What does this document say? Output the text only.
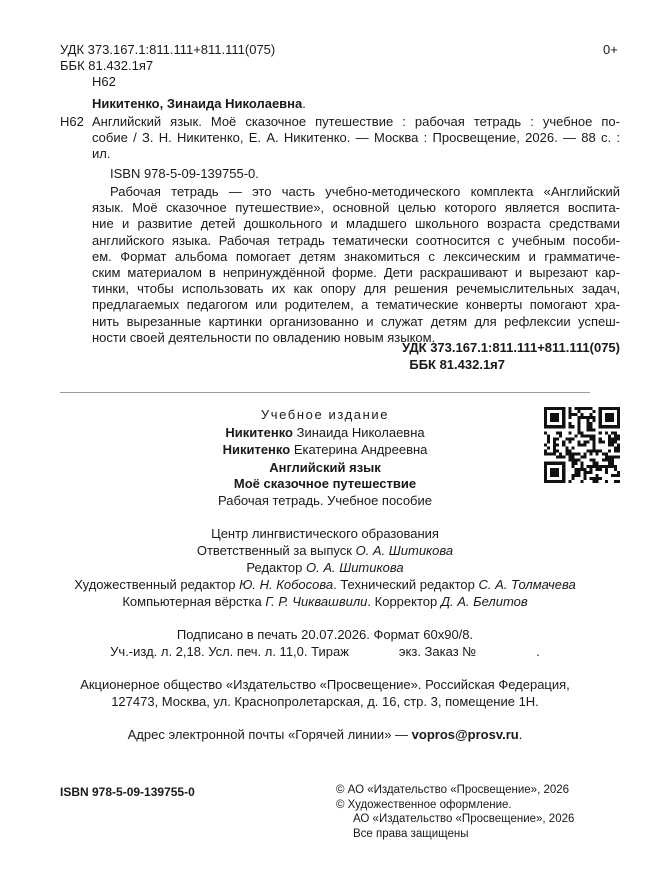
УДК 373.167.1:811.111+811.111(075)
ББК 81.432.1я7
Н62
0+
Никитенко, Зинаида Николаевна.
Н62 Английский язык. Моё сказочное путешествие : рабочая тетрадь : учебное по-
собие / З. Н. Никитенко, Е. А. Никитенко. — Москва : Просвещение, 2026. — 88 с. :
ил.
ISBN 978-5-09-139755-0.
Рабочая тетрадь — это часть учебно-методического комплекта «Английский
язык. Моё сказочное путешествие», основной целью которого является воспита-
ние и развитие детей дошкольного и младшего школьного возраста средствами
английского языка. Рабочая тетрадь тематически соотносится с учебным пособи-
ем. Формат альбома помогает детям знакомиться с лексическим и грамматиче-
ским материалом в непринуждённой форме. Дети раскрашивают и вырезают кар-
тинки, чтобы использовать их как опору для решения речемыслительных задач,
предлагаемых педагогом или родителем, а тематические конверты помогают хра-
нить вырезанные картинки организованно и служат детям для рефлексии успеш-
ности своей деятельности по овладению новым языком.
УДК 373.167.1:811.111+811.111(075)
ББК 81.432.1я7
Учебное издание
Никитенко Зинаида Николаевна
Никитенко Екатерина Андреевна
Английский язык
Моё сказочное путешествие
Рабочая тетрадь. Учебное пособие
Центр лингвистического образования
Ответственный за выпуск О. А. Шитикова
Редактор О. А. Шитикова
Художественный редактор Ю. Н. Кобосова. Технический редактор С. А. Толмачева
Компьютерная вёрстка Г. Р. Чиквашвили. Корректор Д. А. Белитов
Подписано в печать 20.07.2026. Формат 60х90/8.
Уч.-изд. л. 2,18. Усл. печ. л. 11,0. Тираж	экз. Заказ №	.
Акционерное общество «Издательство «Просвещение». Российская Федерация,
127473, Москва, ул. Краснопролетарская, д. 16, стр. 3, помещение 1Н.
Адрес электронной почты «Горячей линии» — vopros@prosv.ru.
ISBN 978-5-09-139755-0	© АО «Издательство «Просвещение», 2026
© Художественное оформление.
АО «Издательство «Просвещение», 2026
Все права защищены
